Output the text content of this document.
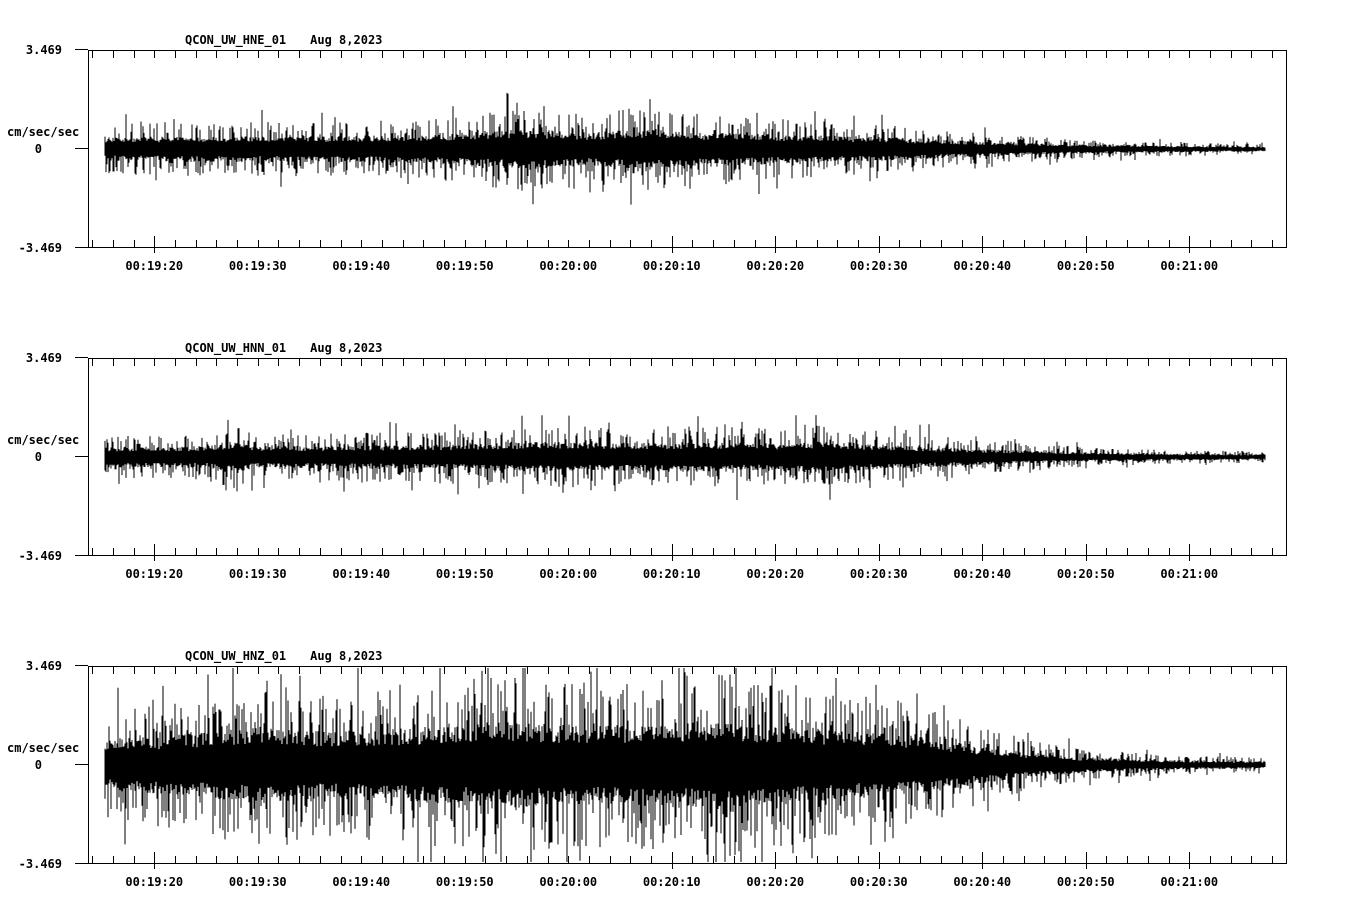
QCON_UW_HNE_01 Aug 8,2023
3.469
cm/sec/sec
0
-3.469
00:19:20	00:19:30	00:19:40	00:19:50	00:20:00	00:20:10	00:20:20	00:20:30	00:20:40	00:20:50	00:21:00
QCON_UW_HNN_01 Aug 8,2023
3.469
cm/sec/sec
0
-3.469
00:19:20	00:19:30	00:19:40	00:19:50	00:20:00	00:20:10	00:20:20	00:20:30	00:20:40	00:20:50	00:21:00
QCON_UW_HNZ_01 Aug 8,2023
3.469
cm/sec/sec
0
-3.469
00:19:20	00:19:30	00:19:40	00:19:50	00:20:00	00:20:10	00:20:20	00:20:30	00:20:40	00:20:50	00:21:00
